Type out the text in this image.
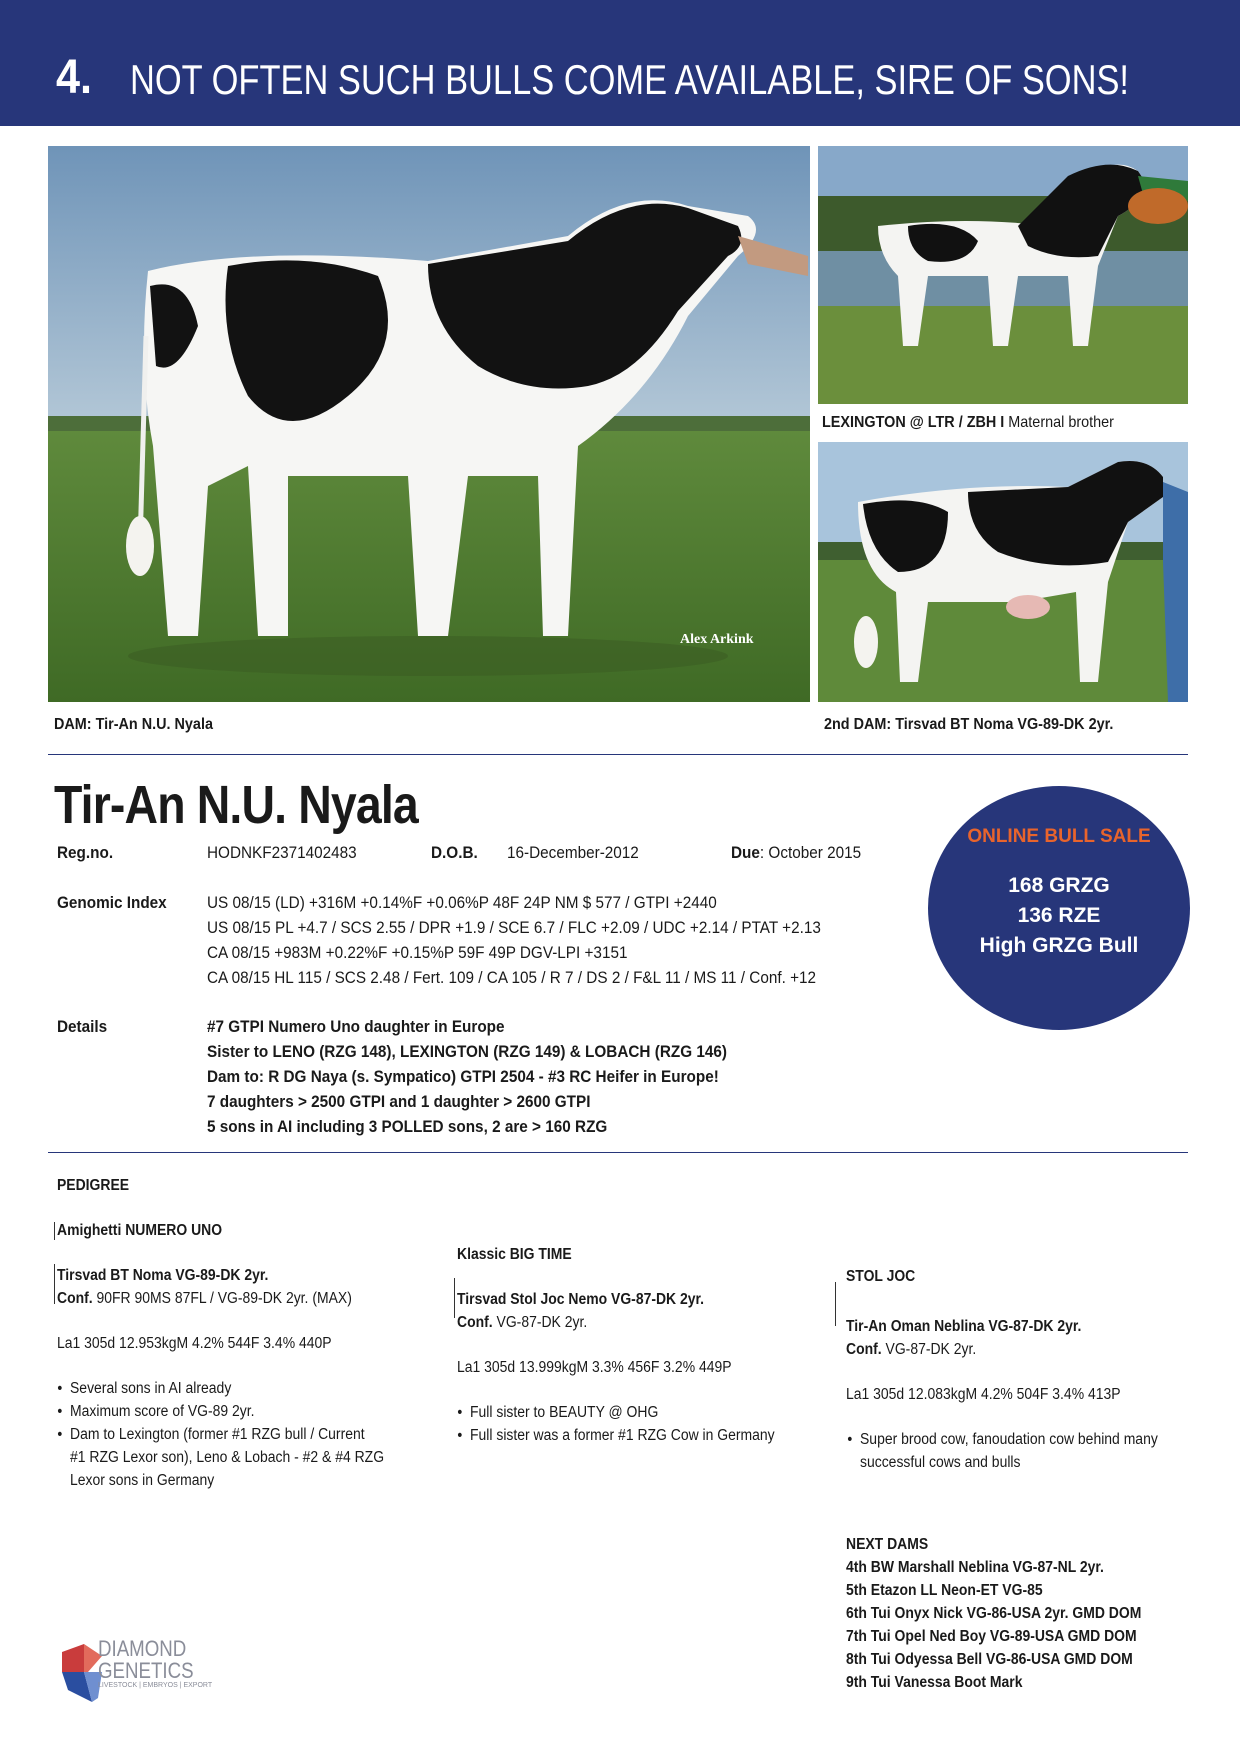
4. NOT OFTEN SUCH BULLS COME AVAILABLE, SIRE OF SONS!
Alex Arkink
DAM: Tir-An N.U. Nyala
LEXINGTON @ LTR / ZBH I Maternal brother
2nd DAM: Tirsvad BT Noma VG-89-DK 2yr.
Tir-An N.U. Nyala
Reg.no.	HODNKF2371402483	D.O.B. 16-December-2012	Due: October 2015
Genomic Index US 08/15 (LD) +316M +0.14%F +0.06%P 48F 24P NM $ 577 / GTPI +2440
US 08/15 PL +4.7 / SCS 2.55 / DPR +1.9 / SCE 6.7 / FLC +2.09 / UDC +2.14 / PTAT +2.13
CA 08/15 +983M +0.22%F +0.15%P 59F 49P DGV-LPI +3151
CA 08/15 HL 115 / SCS 2.48 / Fert. 109 / CA 105 / R 7 / DS 2 / F&L 11 / MS 11 / Conf. +12
Details	#7 GTPI Numero Uno daughter in Europe
Sister to LENO (RZG 148), LEXINGTON (RZG 149) & LOBACH (RZG 146)
Dam to: R DG Naya (s. Sympatico) GTPI 2504 - #3 RC Heifer in Europe!
7 daughters > 2500 GTPI and 1 daughter > 2600 GTPI
5 sons in AI including 3 POLLED sons, 2 are > 160 RZG
ONLINE BULL SALE
168 GRZG
136 RZE
High GRZG Bull
PEDIGREE
Amighetti NUMERO UNO
Tirsvad BT Noma VG-89-DK 2yr.
Conf. 90FR 90MS 87FL / VG-89-DK 2yr. (MAX)
La1 305d 12.953kgM 4.2% 544F 3.4% 440P
• Several sons in AI already
• Maximum score of VG-89 2yr.
• Dam to Lexington (former #1 RZG bull / Current
#1 RZG Lexor son), Leno & Lobach - #2 & #4 RZG
Lexor sons in Germany
Klassic BIG TIME
Tirsvad Stol Joc Nemo VG-87-DK 2yr.
Conf. VG-87-DK 2yr.
La1 305d 13.999kgM 3.3% 456F 3.2% 449P
• Full sister to BEAUTY @ OHG
• Full sister was a former #1 RZG Cow in Germany
STOL JOC
Tir-An Oman Neblina VG-87-DK 2yr.
Conf. VG-87-DK 2yr.
La1 305d 12.083kgM 4.2% 504F 3.4% 413P
• Super brood cow, fanoudation cow behind many
successful cows and bulls
NEXT DAMS
4th BW Marshall Neblina VG-87-NL 2yr.
5th Etazon LL Neon-ET VG-85
6th Tui Onyx Nick VG-86-USA 2yr. GMD DOM
7th Tui Opel Ned Boy VG-89-USA GMD DOM
8th Tui Odyessa Bell VG-86-USA GMD DOM
9th Tui Vanessa Boot Mark
DIAMOND
GENETICS
LIVESTOCK | EMBRYOS | EXPORT
